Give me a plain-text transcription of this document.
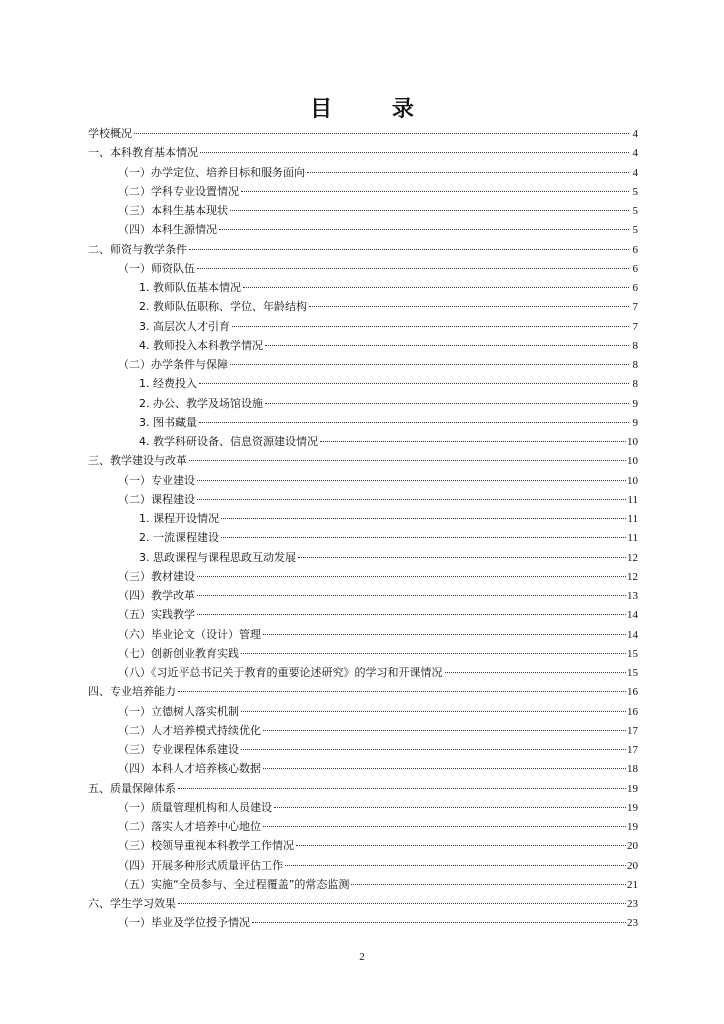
目 录
学校概况	4
一、本科教育基本情况	4
（一）办学定位、培养目标和服务面向	4
（二）学科专业设置情况	5
（三）本科生基本现状	5
（四）本科生源情况	5
二、师资与教学条件	6
（一）师资队伍	6
1. 教师队伍基本情况	6
2. 教师队伍职称、学位、年龄结构	7
3. 高层次人才引育	7
4. 教师投入本科教学情况	8
（二）办学条件与保障	8
1. 经费投入	8
2. 办公、教学及场馆设施	9
3. 图书藏量	9
4. 教学科研设备、信息资源建设情况	10
三、教学建设与改革	10
（一）专业建设	10
（二）课程建设	11
1. 课程开设情况	11
2. 一流课程建设	11
3. 思政课程与课程思政互动发展	12
（三）教材建设	12
（四）教学改革	13
（五）实践教学	14
（六）毕业论文（设计）管理	14
（七）创新创业教育实践	15
（八）《习近平总书记关于教育的重要论述研究》的学习和开课情况	15
四、专业培养能力	16
（一）立德树人落实机制	16
（二）人才培养模式持续优化	17
（三）专业课程体系建设	17
（四）本科人才培养核心数据	18
五、质量保障体系	19
（一）质量管理机构和人员建设	19
（二）落实人才培养中心地位	19
（三）校领导重视本科教学工作情况	20
（四）开展多种形式质量评估工作	20
（五）实施“全员参与、全过程覆盖”的常态监测	21
六、学生学习效果	23
（一）毕业及学位授予情况	23
2
